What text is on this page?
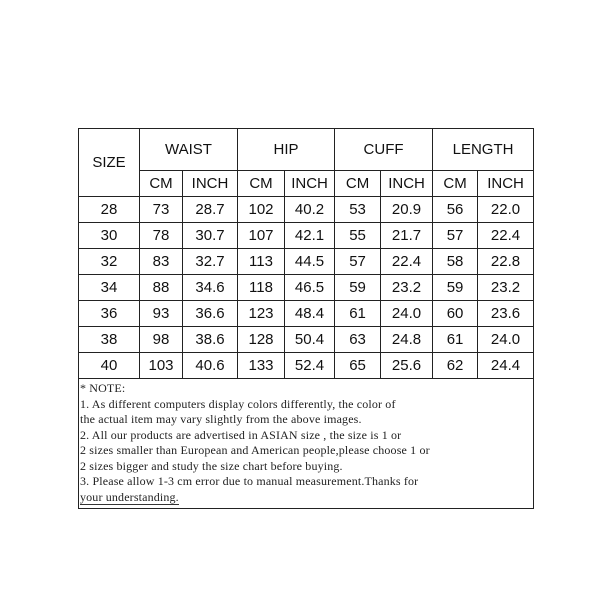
SIZE	WAIST		HIP		CUFF		LENGTH	
	CM	INCH	CM	INCH	CM	INCH	CM	INCH
28	73	28.7	102	40.2	53	20.9	56	22.0
30	78	30.7	107	42.1	55	21.7	57	22.4
32	83	32.7	113	44.5	57	22.4	58	22.8
34	88	34.6	118	46.5	59	23.2	59	23.2
36	93	36.6	123	48.4	61	24.0	60	23.6
38	98	38.6	128	50.4	63	24.8	61	24.0
40	103	40.6	133	52.4	65	25.6	62	24.4
* NOTE:
1. As different computers display colors differently, the color of
the actual item may vary slightly from the above images.
2. All our products are advertised in ASIAN size , the size is 1 or
2 sizes smaller than European and American people,please choose 1 or
2 sizes bigger and study the size chart before buying.
3. Please allow 1-3 cm error due to manual measurement.Thanks for
your understanding.
